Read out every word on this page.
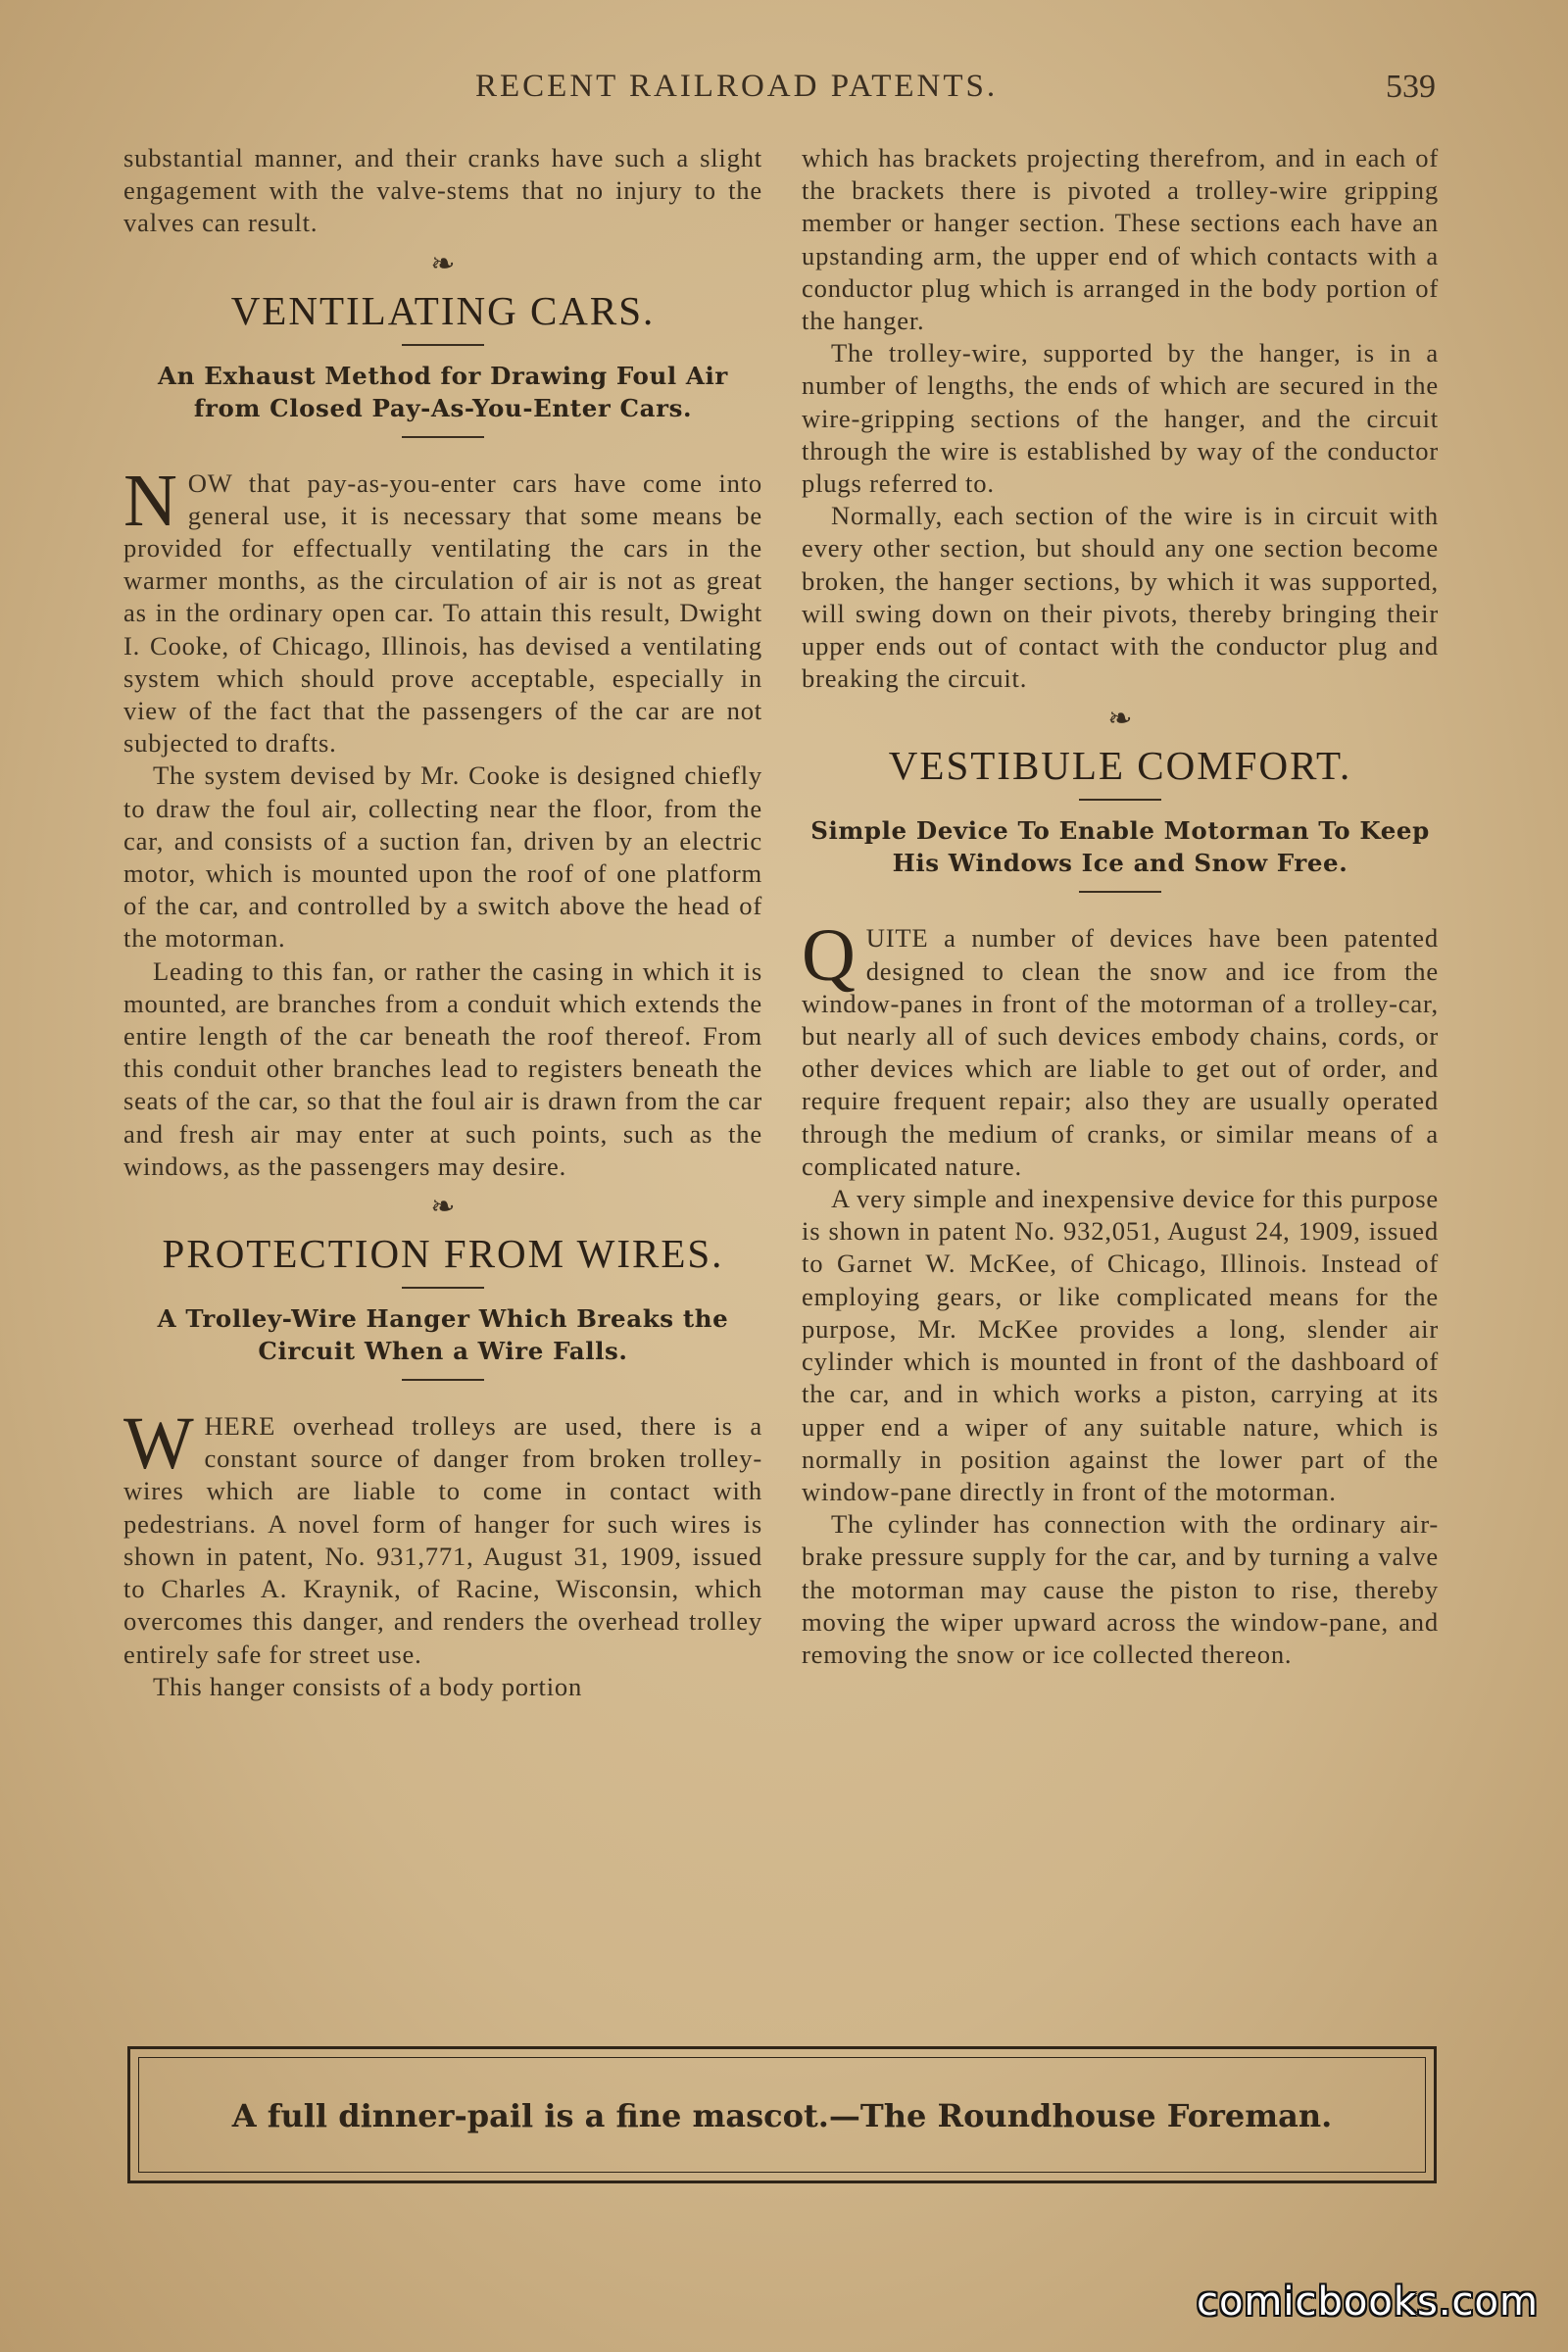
RECENT RAILROAD PATENTS.	539

substantial manner, and their cranks have such a slight engagement with the valve-stems that no injury to the valves can result.

❧
VENTILATING CARS.
An Exhaust Method for Drawing Foul Air from Closed Pay-As-You-Enter Cars.

NOW that pay-as-you-enter cars have come into general use, it is necessary that some means be provided for effectually ventilating the cars in the warmer months, as the circulation of air is not as great as in the ordinary open car. To attain this result, Dwight I. Cooke, of Chicago, Illinois, has devised a ventilating system which should prove acceptable, especially in view of the fact that the passengers of the car are not subjected to drafts.

The system devised by Mr. Cooke is designed chiefly to draw the foul air, collecting near the floor, from the car, and consists of a suction fan, driven by an electric motor, which is mounted upon the roof of one platform of the car, and controlled by a switch above the head of the motorman.

Leading to this fan, or rather the casing in which it is mounted, are branches from a conduit which extends the entire length of the car beneath the roof thereof. From this conduit other branches lead to registers beneath the seats of the car, so that the foul air is drawn from the car and fresh air may enter at such points, such as the windows, as the passengers may desire.

❧
PROTECTION FROM WIRES.
A Trolley-Wire Hanger Which Breaks the Circuit When a Wire Falls.

WHERE overhead trolleys are used, there is a constant source of danger from broken trolley-wires which are liable to come in contact with pedestrians. A novel form of hanger for such wires is shown in patent, No. 931,771, August 31, 1909, issued to Charles A. Kraynik, of Racine, Wisconsin, which overcomes this danger, and renders the overhead trolley entirely safe for street use.

This hanger consists of a body portion

which has brackets projecting therefrom, and in each of the brackets there is pivoted a trolley-wire gripping member or hanger section. These sections each have an upstanding arm, the upper end of which contacts with a conductor plug which is arranged in the body portion of the hanger.

The trolley-wire, supported by the hanger, is in a number of lengths, the ends of which are secured in the wire-gripping sections of the hanger, and the circuit through the wire is established by way of the conductor plugs referred to.

Normally, each section of the wire is in circuit with every other section, but should any one section become broken, the hanger sections, by which it was supported, will swing down on their pivots, thereby bringing their upper ends out of contact with the conductor plug and breaking the circuit.

❧
VESTIBULE COMFORT.
Simple Device To Enable Motorman To Keep His Windows Ice and Snow Free.

QUITE a number of devices have been patented designed to clean the snow and ice from the window-panes in front of the motorman of a trolley-car, but nearly all of such devices embody chains, cords, or other devices which are liable to get out of order, and require frequent repair; also they are usually operated through the medium of cranks, or similar means of a complicated nature.

A very simple and inexpensive device for this purpose is shown in patent No. 932,051, August 24, 1909, issued to Garnet W. McKee, of Chicago, Illinois. Instead of employing gears, or like complicated means for the purpose, Mr. McKee provides a long, slender air cylinder which is mounted in front of the dashboard of the car, and in which works a piston, carrying at its upper end a wiper of any suitable nature, which is normally in position against the lower part of the window-pane directly in front of the motorman.

The cylinder has connection with the ordinary air-brake pressure supply for the car, and by turning a valve the motorman may cause the piston to rise, thereby moving the wiper upward across the window-pane, and removing the snow or ice collected thereon.

A full dinner-pail is a fine mascot.—The Roundhouse Foreman.
comicbooks.com
